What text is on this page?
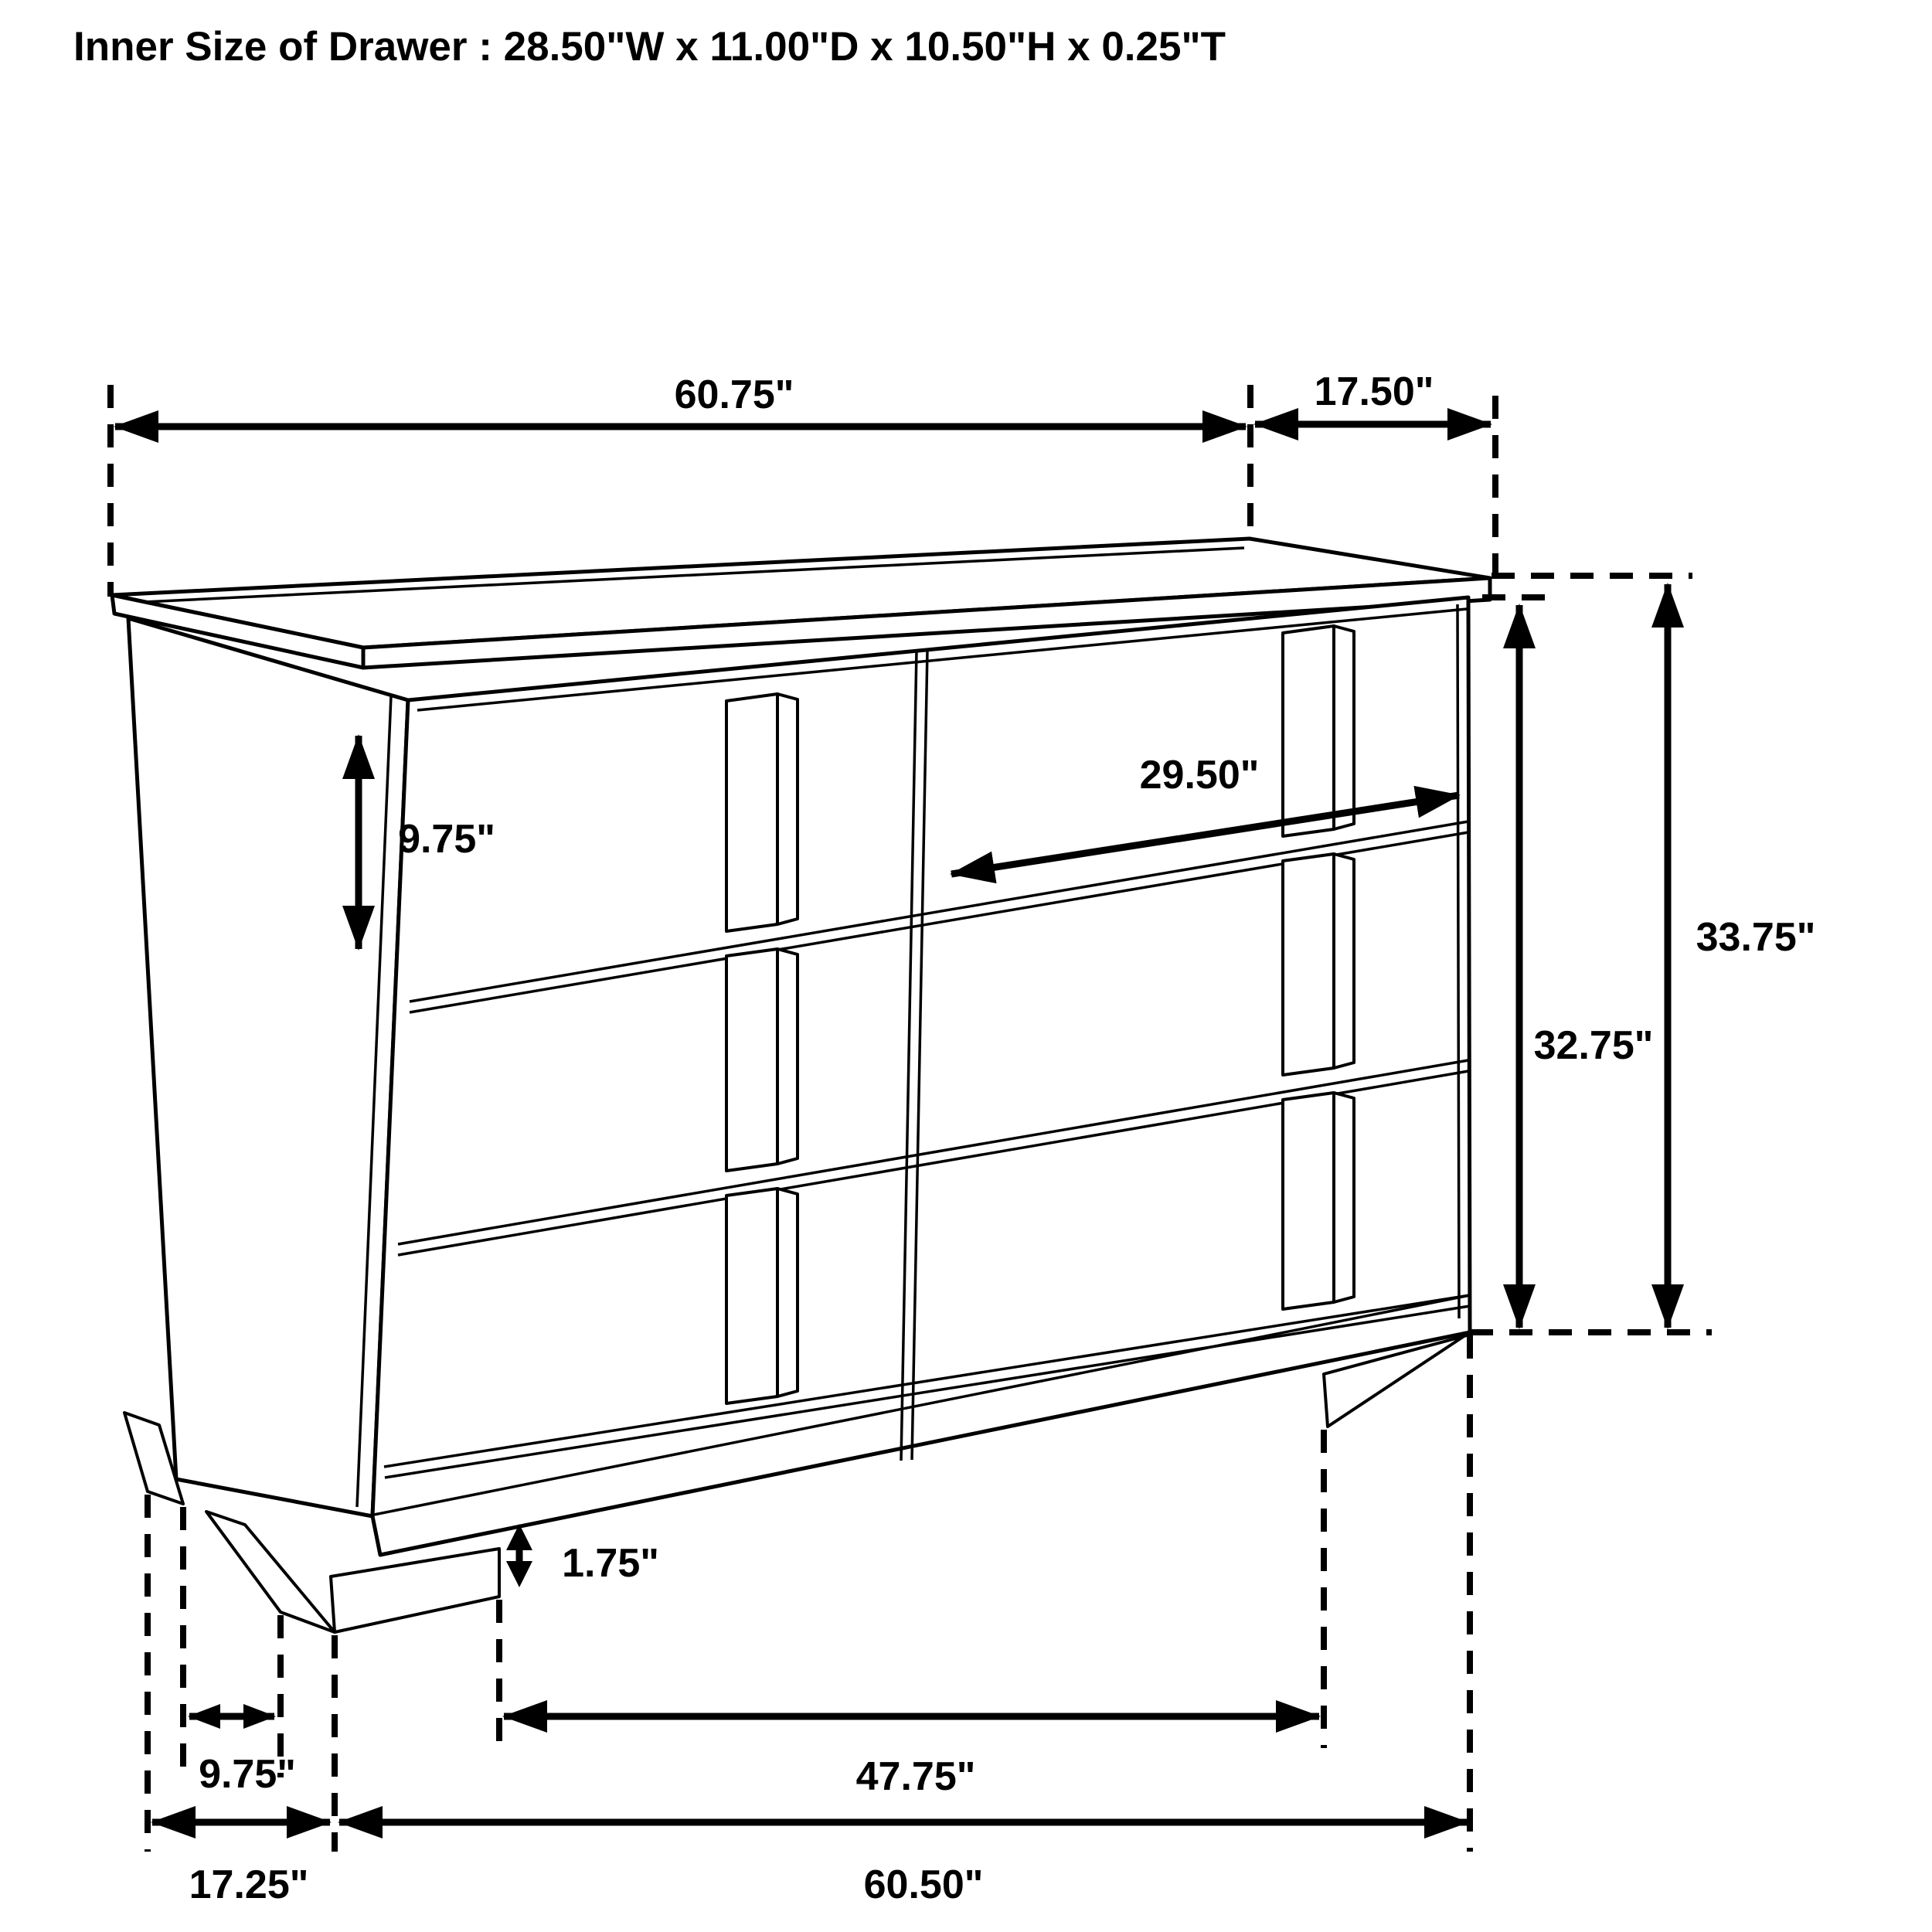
Inner Size of Drawer : 28.50"W x 11.00"D x 10.50"H x 0.25"T
60.75"	17.50"
33.75"
32.75"
29.50"
9.75"
1.75"
9.75"	47.75"
17.25"	60.50"
